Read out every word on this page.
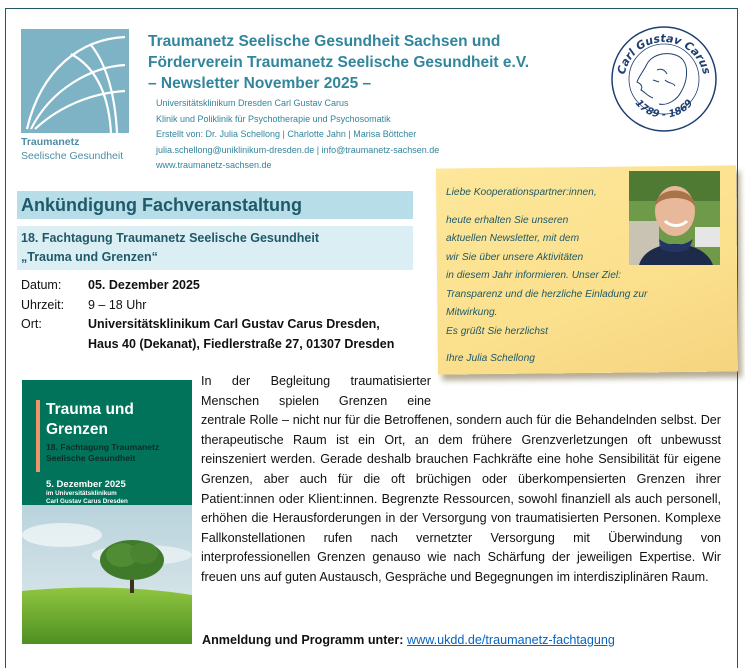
Traumanetz
Seelische Gesundheit
Traumanetz Seelische Gesundheit Sachsen und
Förderverein Traumanetz Seelische Gesundheit e.V.
– Newsletter November 2025 –
Universitätsklinikum Dresden Carl Gustav Carus
Klinik und Poliklinik für Psychotherapie und Psychosomatik
Erstellt von: Dr. Julia Schellong | Charlotte Jahn | Marisa Böttcher
julia.schellong@uniklinikum-dresden.de | info@traumanetz-sachsen.de
www.traumanetz-sachsen.de
Carl Gustav Carus
1789 - 1869
Ankündigung Fachveranstaltung
18. Fachtagung Traumanetz Seelische Gesundheit
„Trauma und Grenzen“
Datum:	05. Dezember 2025
Uhrzeit:	9 – 18 Uhr
Ort:	Universitätsklinikum Carl Gustav Carus Dresden,
Haus 40 (Dekanat), Fiedlerstraße 27, 01307 Dresden
Liebe Kooperationspartner:innen,
heute erhalten Sie unseren
aktuellen Newsletter, mit dem
wir Sie über unsere Aktivitäten
in diesem Jahr informieren. Unser Ziel:
Transparenz und die herzliche Einladung zur
Mitwirkung.
Es grüßt Sie herzlichst
Ihre Julia Schellong
Trauma und
Grenzen
18. Fachtagung Traumanetz
Seelische Gesundheit
5. Dezember 2025
im Universitätsklinikum
Carl Gustav Carus Dresden

In der Begleitung traumatisierter

Menschen spielen Grenzen eine

zentrale Rolle – nicht nur für die Betroffenen, sondern auch für die Behandelnden selbst. Der therapeutische Raum ist ein Ort, an dem frühere Grenzverletzungen oft unbewusst reinszeniert werden. Gerade deshalb brauchen Fachkräfte eine hohe Sensibilität für eigene Grenzen, aber auch für die oft brüchigen oder überkompensierten Grenzen ihrer Patient:innen oder Klient:innen. Begrenzte Ressourcen, sowohl finanziell als auch personell, erhöhen die Herausforderungen in der Versorgung von traumatisierten Personen. Komplexe Fallkonstellationen rufen nach vernetzter Versorgung mit Überwindung von interprofessionellen Grenzen genauso wie nach Schärfung der jeweiligen Expertise. Wir freuen uns auf guten Austausch, Gespräche und Begegnungen im interdisziplinären Raum.

Anmeldung und Programm unter: www.ukdd.de/traumanetz-fachtagung
